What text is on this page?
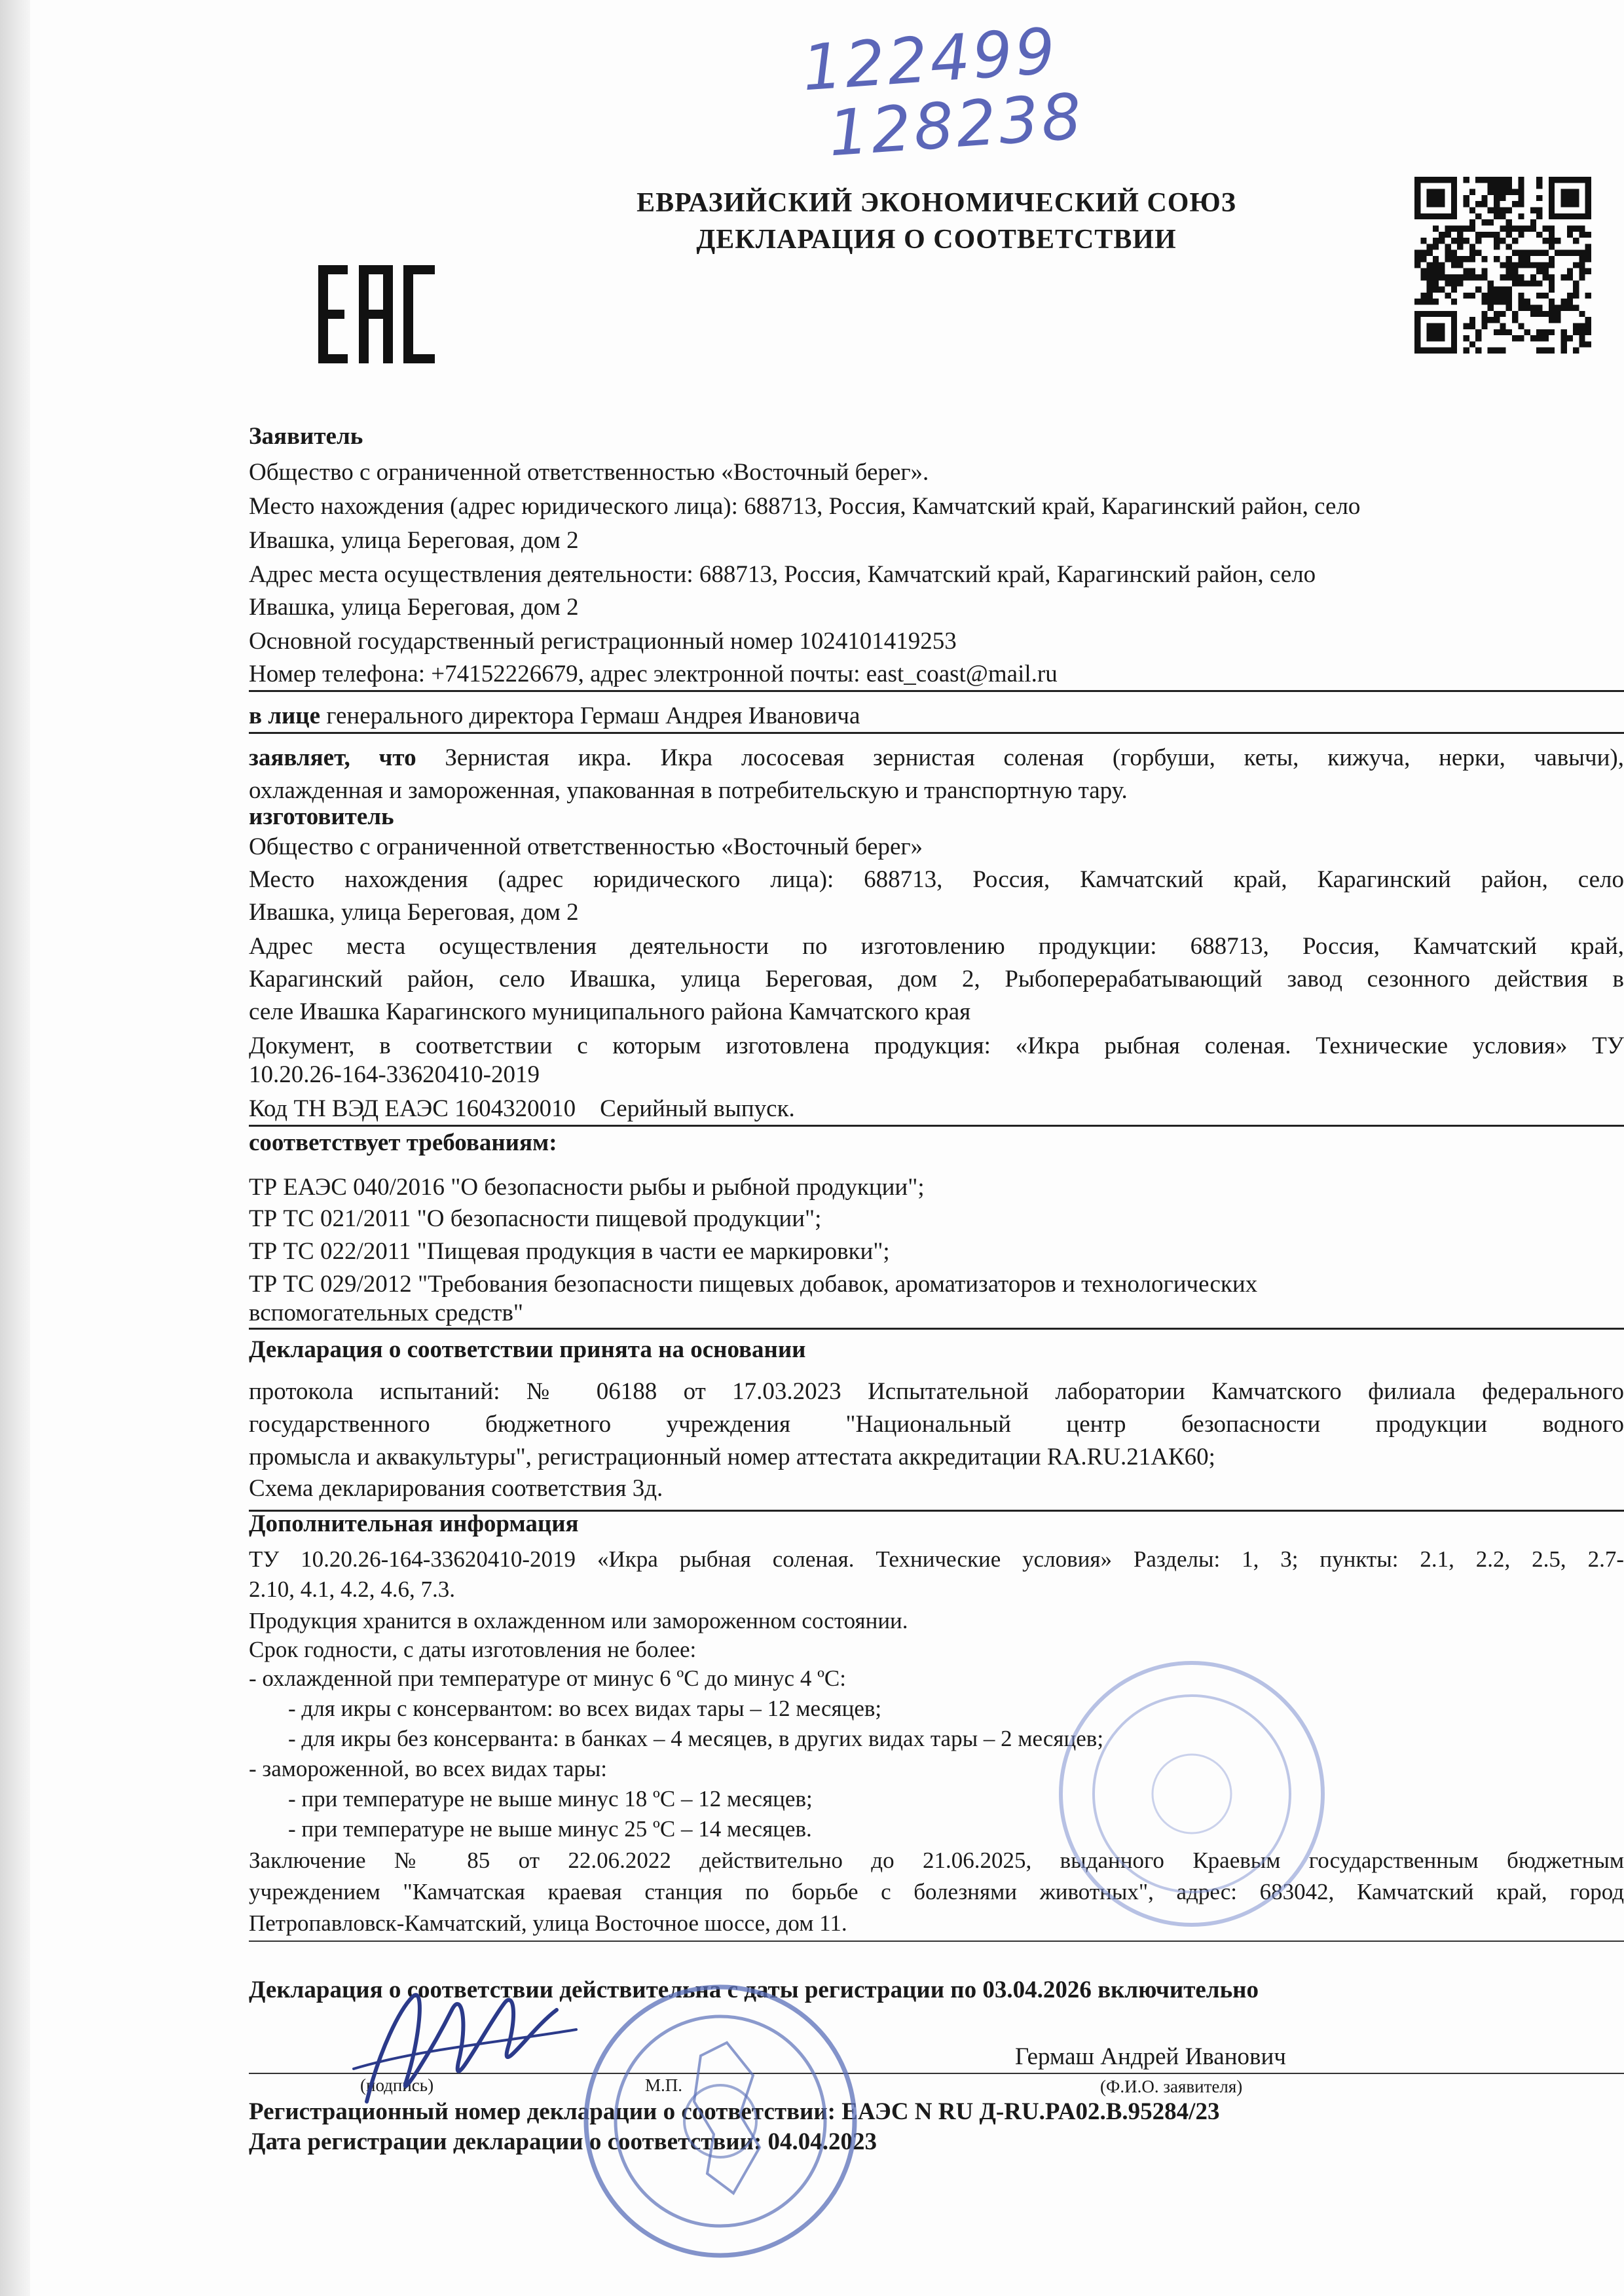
122499
128238
ЕВРАЗИЙСКИЙ ЭКОНОМИЧЕСКИЙ СОЮЗ
ДЕКЛАРАЦИЯ О СООТВЕТСТВИИ
Заявитель
Общество с ограниченной ответственностью «Восточный берег».
Место нахождения (адрес юридического лица): 688713, Россия, Камчатский край, Карагинский район, село
Ивашка, улица Береговая, дом 2
Адрес места осуществления деятельности: 688713, Россия, Камчатский край, Карагинский район, село
Ивашка, улица Береговая, дом 2
Основной государственный регистрационный номер 1024101419253
Номер телефона: +74152226679, адрес электронной почты: east_coast@mail.ru
в лице генерального директора Гермаш Андрея Ивановича
заявляет, что Зернистая икра. Икра лососевая зернистая соленая (горбуши, кеты, кижуча, нерки, чавычи),
охлажденная и замороженная, упакованная в потребительскую и транспортную тару.
изготовитель
Общество с ограниченной ответственностью «Восточный берег»
Место нахождения (адрес юридического лица): 688713, Россия, Камчатский край, Карагинский район, село
Ивашка, улица Береговая, дом 2
Адрес места осуществления деятельности по изготовлению продукции: 688713, Россия, Камчатский край,
Карагинский район, село Ивашка, улица Береговая, дом 2, Рыбоперерабатывающий завод сезонного действия в
селе Ивашка Карагинского муниципального района Камчатского края
Документ, в соответствии с которым изготовлена продукция: «Икра рыбная соленая. Технические условия» ТУ
10.20.26-164-33620410-2019
Код ТН ВЭД ЕАЭС 1604320010    Серийный выпуск.
соответствует требованиям:
ТР ЕАЭС 040/2016 "О безопасности рыбы и рыбной продукции";
ТР ТС 021/2011 "О безопасности пищевой продукции";
ТР ТС 022/2011 "Пищевая продукция в части ее маркировки";
ТР ТС 029/2012 "Требования безопасности пищевых добавок, ароматизаторов и технологических
вспомогательных средств"
Декларация о соответствии принята на основании
протокола испытаний: № 06188 от 17.03.2023 Испытательной лаборатории Камчатского филиала федерального
государственного бюджетного учреждения "Национальный центр безопасности продукции водного
промысла и аквакультуры", регистрационный номер аттестата аккредитации RA.RU.21АК60;
Схема декларирования соответствия 3д.
Дополнительная информация
ТУ 10.20.26-164-33620410-2019 «Икра рыбная соленая. Технические условия» Разделы: 1, 3; пункты: 2.1, 2.2, 2.5, 2.7-
2.10, 4.1, 4.2, 4.6, 7.3.
Продукция хранится в охлажденном или замороженном состоянии.
Срок годности, с даты изготовления не более:
- охлажденной при температуре от минус 6 ºС до минус 4 ºС:
- для икры с консервантом: во всех видах тары – 12 месяцев;
- для икры без консерванта: в банках – 4 месяцев, в других видах тары – 2 месяцев;
- замороженной, во всех видах тары:
- при температуре не выше минус 18 ºС – 12 месяцев;
- при температуре не выше минус 25 ºС – 14 месяцев.
Заключение № 85 от 22.06.2022 действительно до 21.06.2025, выданного Краевым государственным бюджетным
учреждением "Камчатская краевая станция по борьбе с болезнями животных", адрес: 683042, Камчатский край, город
Петропавловск-Камчатский, улица Восточное шоссе, дом 11.
Декларация о соответствии действительна с даты регистрации по 03.04.2026 включительно
Гермаш Андрей Иванович
(подпись)	М.П.	(Ф.И.О. заявителя)
Регистрационный номер декларации о соответствии: ЕАЭС N RU Д-RU.PA02.B.95284/23
Дата регистрации декларации о соответствии: 04.04.2023
